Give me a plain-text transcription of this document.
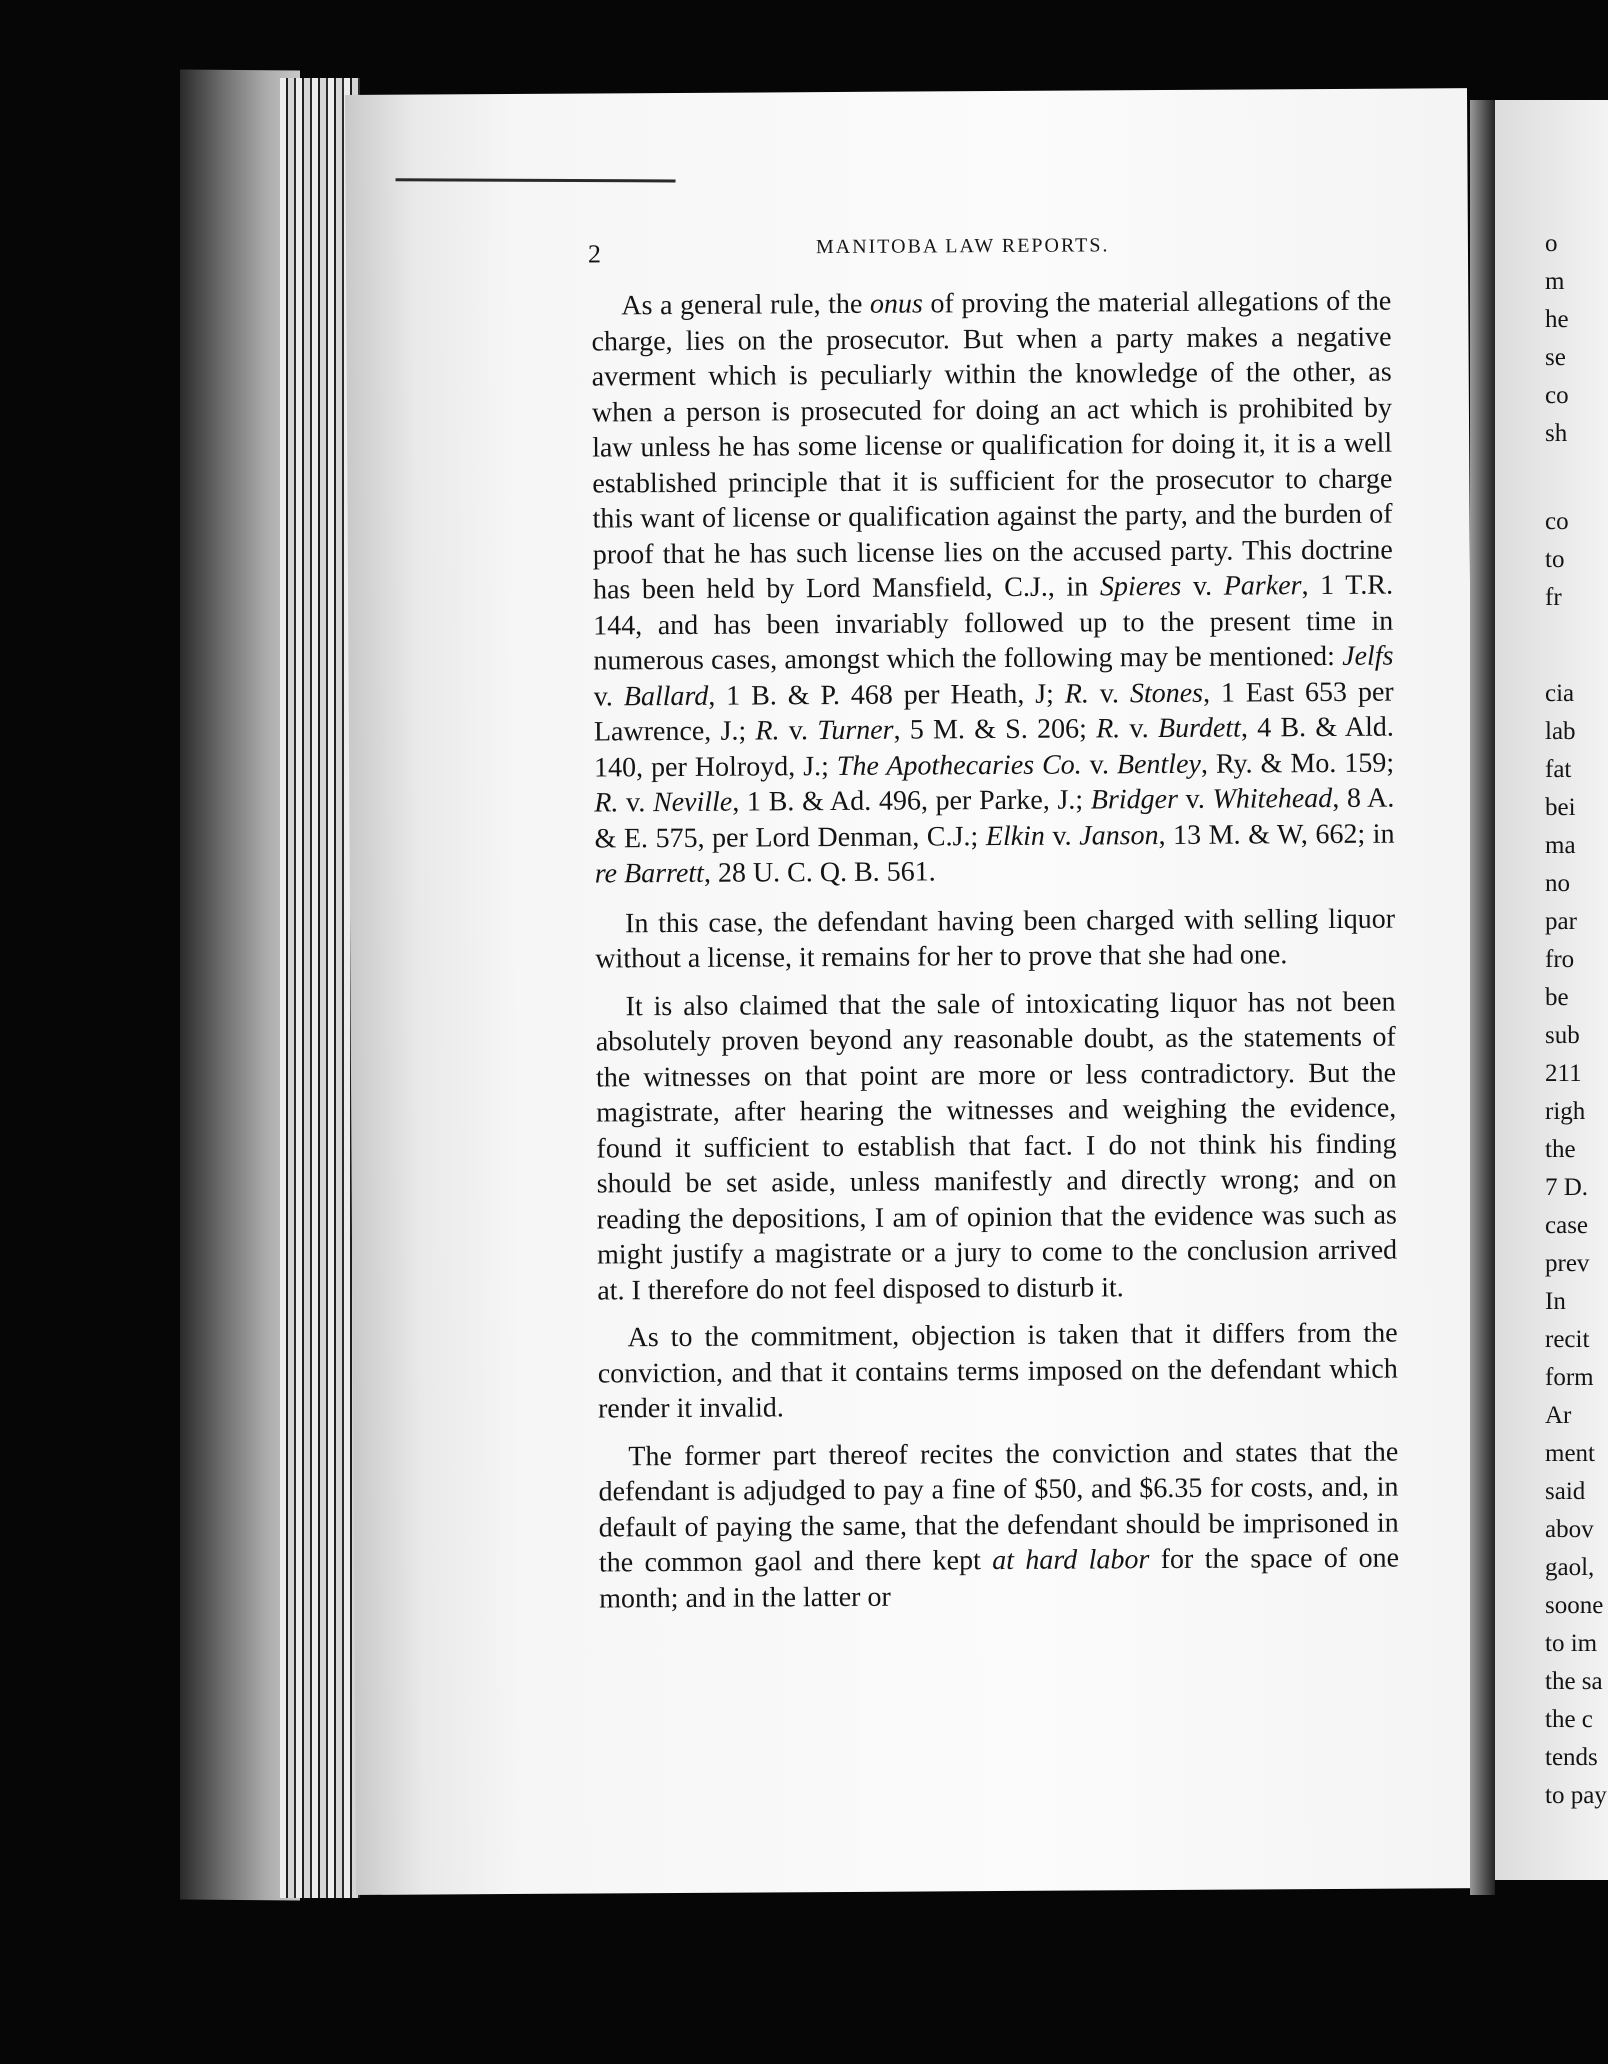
2	MANITOBA LAW REPORTS.

As a general rule, the onus of proving the material allegations of the charge, lies on the prosecutor. But when a party makes a negative averment which is peculiarly within the knowledge of the other, as when a person is prosecuted for doing an act which is prohibited by law unless he has some license or qualification for doing it, it is a well established principle that it is sufficient for the prosecutor to charge this want of license or qualification against the party, and the burden of proof that he has such license lies on the accused party. This doctrine has been held by Lord Mansfield, C.J., in Spieres v. Parker, 1 T.R. 144, and has been invariably followed up to the present time in numerous cases, amongst which the following may be mentioned: Jelfs v. Ballard, 1 B. & P. 468 per Heath, J; R. v. Stones, 1 East 653 per Lawrence, J.; R. v. Turner, 5 M. & S. 206; R. v. Burdett, 4 B. & Ald. 140, per Holroyd, J.; The Apothecaries Co. v. Bentley, Ry. & Mo. 159; R. v. Neville, 1 B. & Ad. 496, per Parke, J.; Bridger v. Whitehead, 8 A. & E. 575, per Lord Denman, C.J.; Elkin v. Janson, 13 M. & W, 662; in re Barrett, 28 U. C. Q. B. 561.

In this case, the defendant having been charged with selling liquor without a license, it remains for her to prove that she had one.

It is also claimed that the sale of intoxicating liquor has not been absolutely proven beyond any reasonable doubt, as the statements of the witnesses on that point are more or less contradictory. But the magistrate, after hearing the witnesses and weighing the evidence, found it sufficient to establish that fact. I do not think his finding should be set aside, unless manifestly and directly wrong; and on reading the depositions, I am of opinion that the evidence was such as might justify a magistrate or a jury to come to the conclusion arrived at. I therefore do not feel disposed to disturb it.

As to the commitment, objection is taken that it differs from the conviction, and that it contains terms imposed on the defendant which render it invalid.

The former part thereof recites the conviction and states that the defendant is adjudged to pay a fine of $50, and $6.35 for costs, and, in default of paying the same, that the defendant should be imprisoned in the common gaol and there kept at hard labor for the space of one month; and in the latter or

o
m
he
se
co
sh
co
to
fr
cia
lab
fat
bei
ma
no
par
fro
be
sub
211
righ
the
7 D.
case
prev
In
recit
form
Ar
ment
said
abov
gaol,
soone
to im
the sa
the c
tends
to pay
